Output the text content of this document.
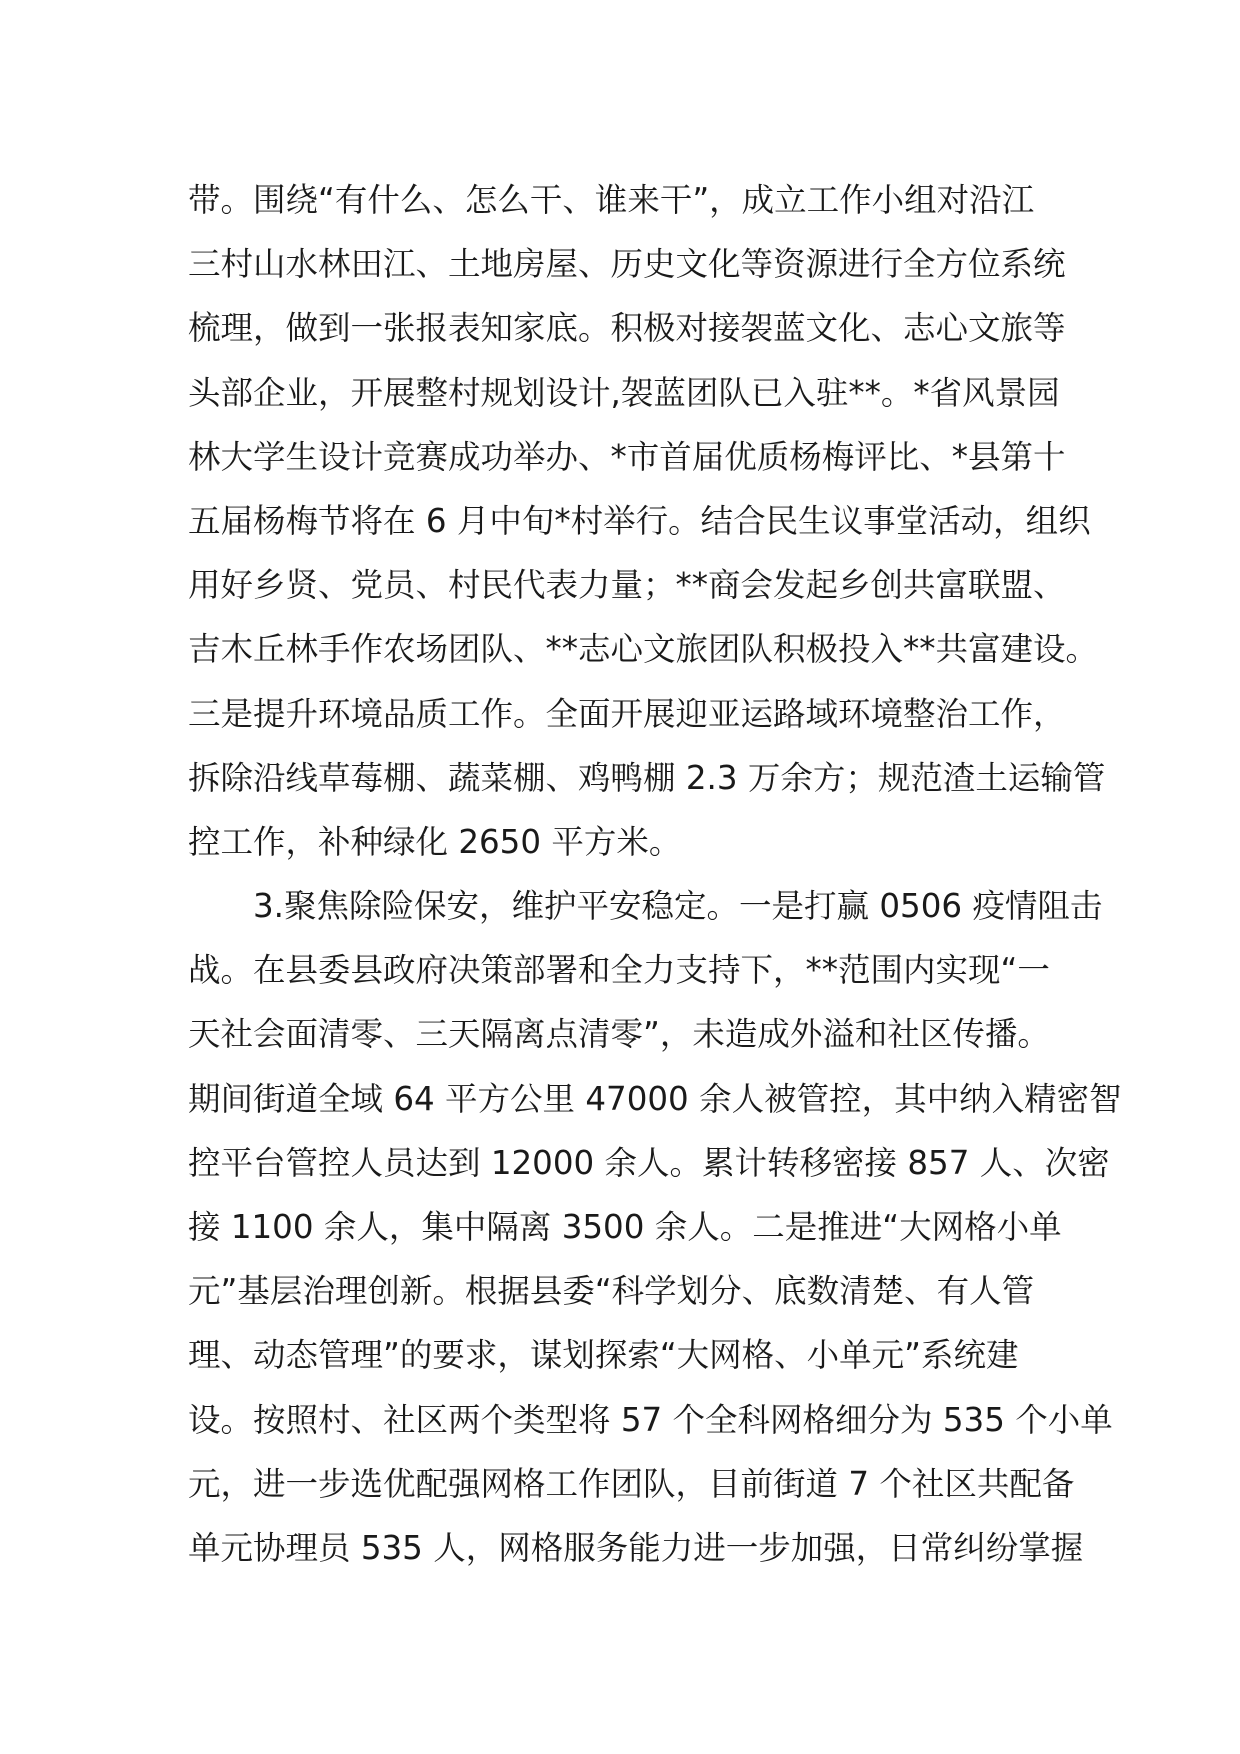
带。围绕“有什么、怎么干、谁来干”，成立工作小组对沿江
三村山水林田江、土地房屋、历史文化等资源进行全方位系统
梳理，做到一张报表知家底。积极对接袈蓝文化、志心文旅等
头部企业，开展整村规划设计,袈蓝团队已入驻**。*省风景园
林大学生设计竞赛成功举办、*市首届优质杨梅评比、*县第十
五届杨梅节将在 6 月中旬*村举行。结合民生议事堂活动，组织
用好乡贤、党员、村民代表力量；**商会发起乡创共富联盟、
吉木丘林手作农场团队、**志心文旅团队积极投入**共富建设。
三是提升环境品质工作。全面开展迎亚运路域环境整治工作，
拆除沿线草莓棚、蔬菜棚、鸡鸭棚 2.3 万余方；规范渣土运输管
控工作，补种绿化 2650 平方米。
3.聚焦除险保安，维护平安稳定。一是打赢 0506 疫情阻击
战。在县委县政府决策部署和全力支持下，**范围内实现“一
天社会面清零、三天隔离点清零”，未造成外溢和社区传播。
期间街道全域 64 平方公里 47000 余人被管控，其中纳入精密智
控平台管控人员达到 12000 余人。累计转移密接 857 人、次密
接 1100 余人，集中隔离 3500 余人。二是推进“大网格小单
元”基层治理创新。根据县委“科学划分、底数清楚、有人管
理、动态管理”的要求，谋划探索“大网格、小单元”系统建
设。按照村、社区两个类型将 57 个全科网格细分为 535 个小单
元，进一步选优配强网格工作团队，目前街道 7 个社区共配备
单元协理员 535 人，网格服务能力进一步加强，日常纠纷掌握
